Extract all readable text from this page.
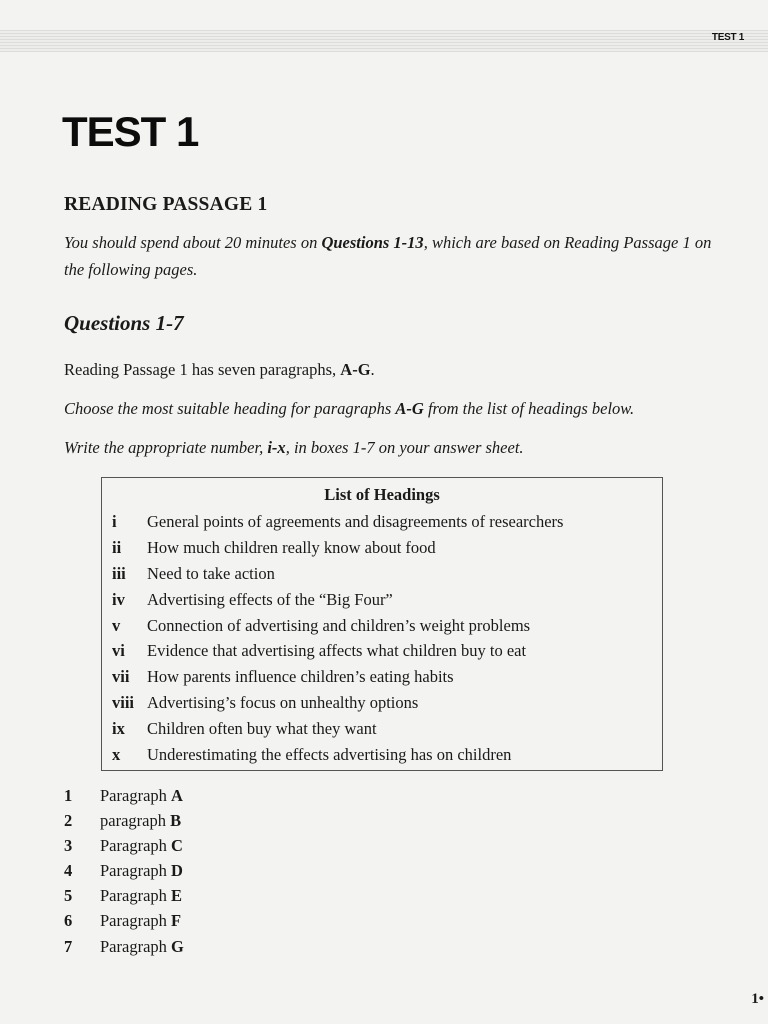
TEST 1
TEST 1
READING PASSAGE 1
You should spend about 20 minutes on Questions 1-13, which are based on Reading Passage 1 on the following pages.
Questions 1-7
Reading Passage 1 has seven paragraphs, A-G.
Choose the most suitable heading for paragraphs A-G from the list of headings below.
Write the appropriate number, i-x, in boxes 1-7 on your answer sheet.
List of Headings
i General points of agreements and disagreements of researchers
ii How much children really know about food
iii Need to take action
iv Advertising effects of the “Big Four”
v Connection of advertising and children’s weight problems
vi Evidence that advertising affects what children buy to eat
vii How parents influence children’s eating habits
viii Advertising’s focus on unhealthy options
ix Children often buy what they want
x Underestimating the effects advertising has on children
1 Paragraph A
2 paragraph B
3 Paragraph C
4 Paragraph D
5 Paragraph E
6 Paragraph F
7 Paragraph G
1•
